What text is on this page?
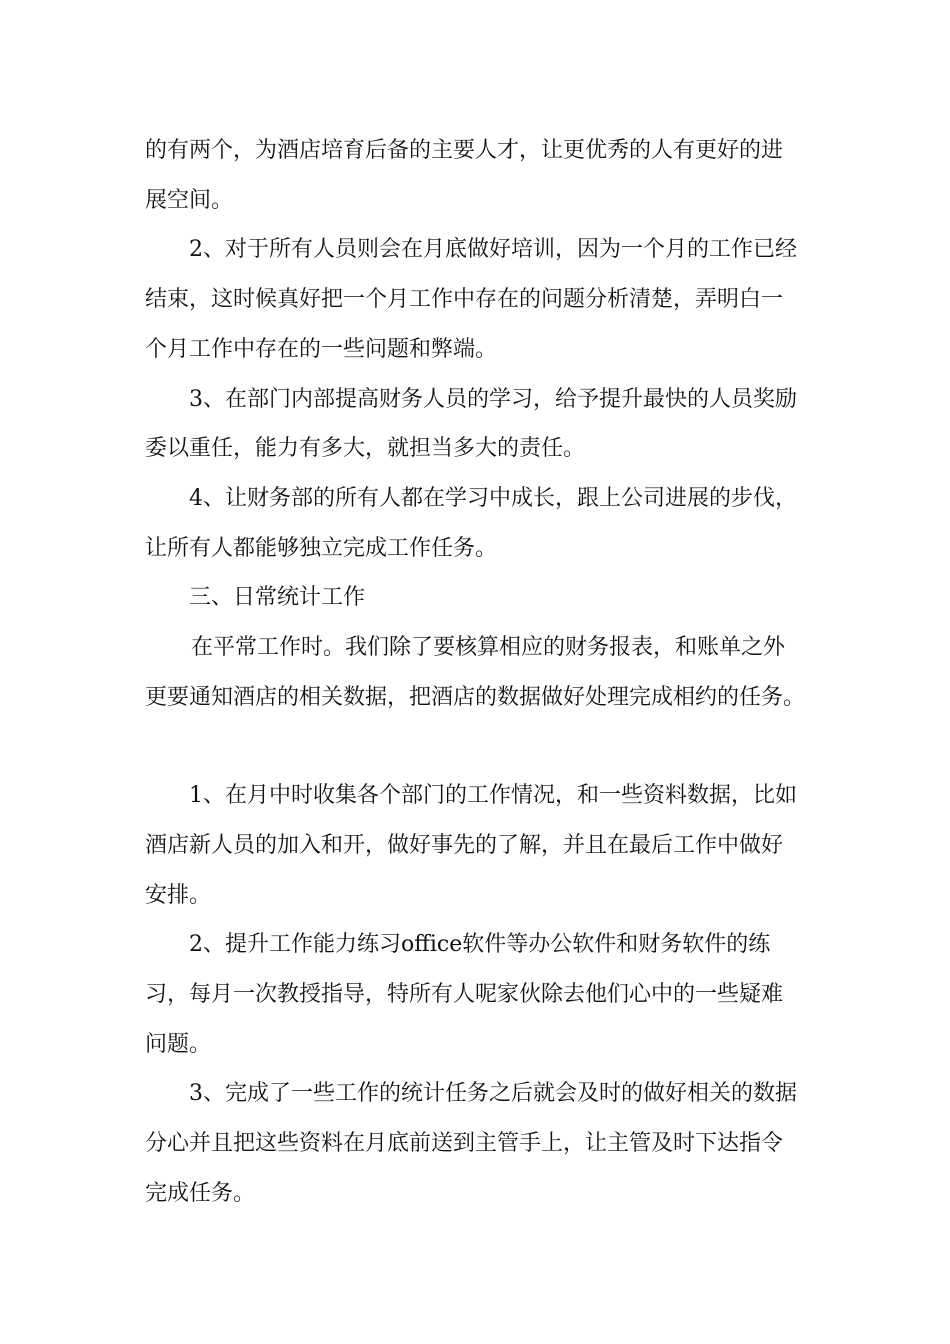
的有两个，为酒店培育后备的主要人才，让更优秀的人有更好的进
展空间。
2、对于所有人员则会在月底做好培训，因为一个月的工作已经
结束，这时候真好把一个月工作中存在的问题分析清楚，弄明白一
个月工作中存在的一些问题和弊端。
3、在部门内部提高财务人员的学习，给予提升最快的人员奖励
委以重任，能力有多大，就担当多大的责任。
4、让财务部的所有人都在学习中成长，跟上公司进展的步伐，
让所有人都能够独立完成工作任务。
三、日常统计工作
在平常工作时。我们除了要核算相应的财务报表，和账单之外
更要通知酒店的相关数据，把酒店的数据做好处理完成相约的任务。
1、在月中时收集各个部门的工作情况，和一些资料数据，比如
酒店新人员的加入和开，做好事先的了解，并且在最后工作中做好
安排。
2、提升工作能力练习office软件等办公软件和财务软件的练
习，每月一次教授指导，特所有人呢家伙除去他们心中的一些疑难
问题。
3、完成了一些工作的统计任务之后就会及时的做好相关的数据
分心并且把这些资料在月底前送到主管手上，让主管及时下达指令
完成任务。
